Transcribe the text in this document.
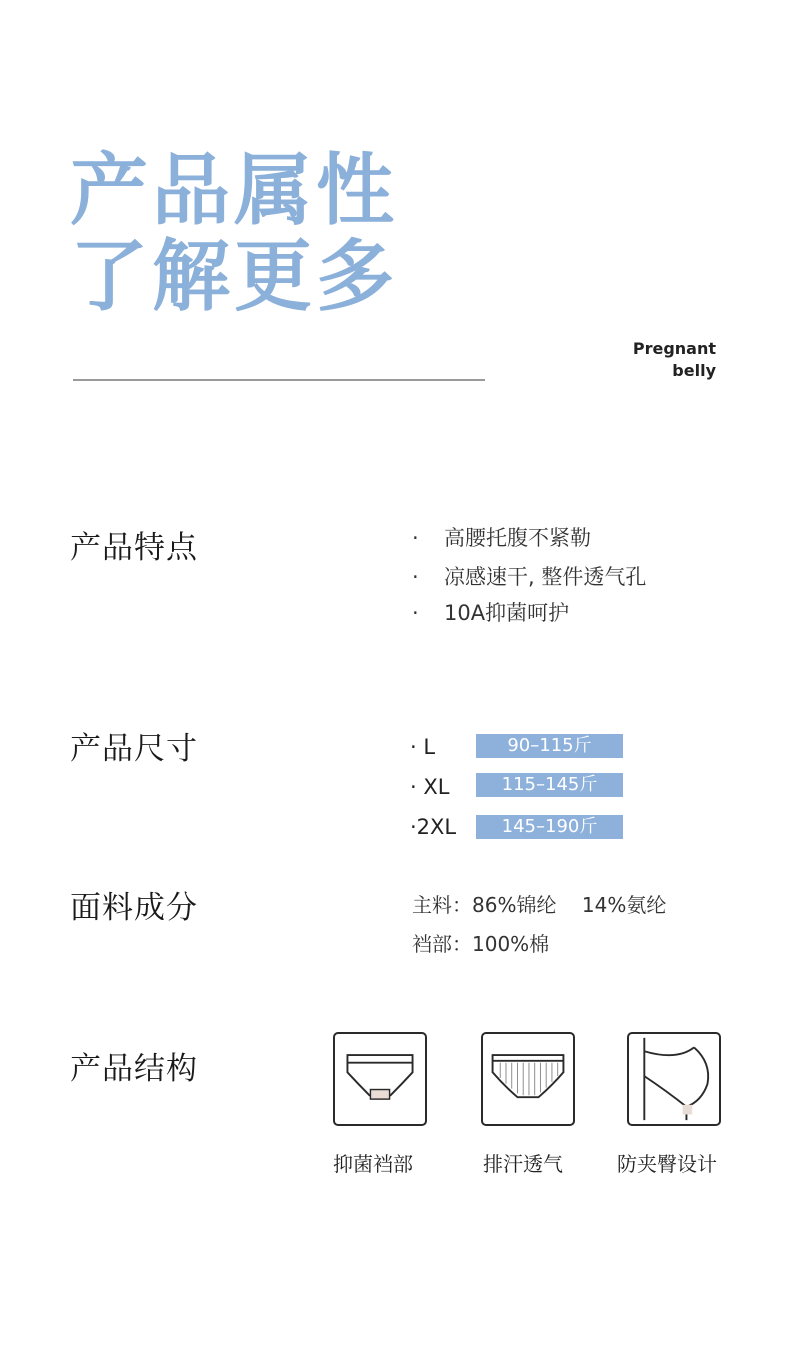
产品属性
了解更多
Pregnant
belly
产品特点	· 高腰托腹不紧勒
· 凉感速干, 整件透气孔
· 10A抑菌呵护
产品尺寸	· L	90–115斤
· XL	115–145斤
·2XL	145–190斤
面料成分	主料：86%锦纶    14%氨纶
裆部：100%棉
产品结构
抑菌裆部	排汗透气	防夹臀设计
